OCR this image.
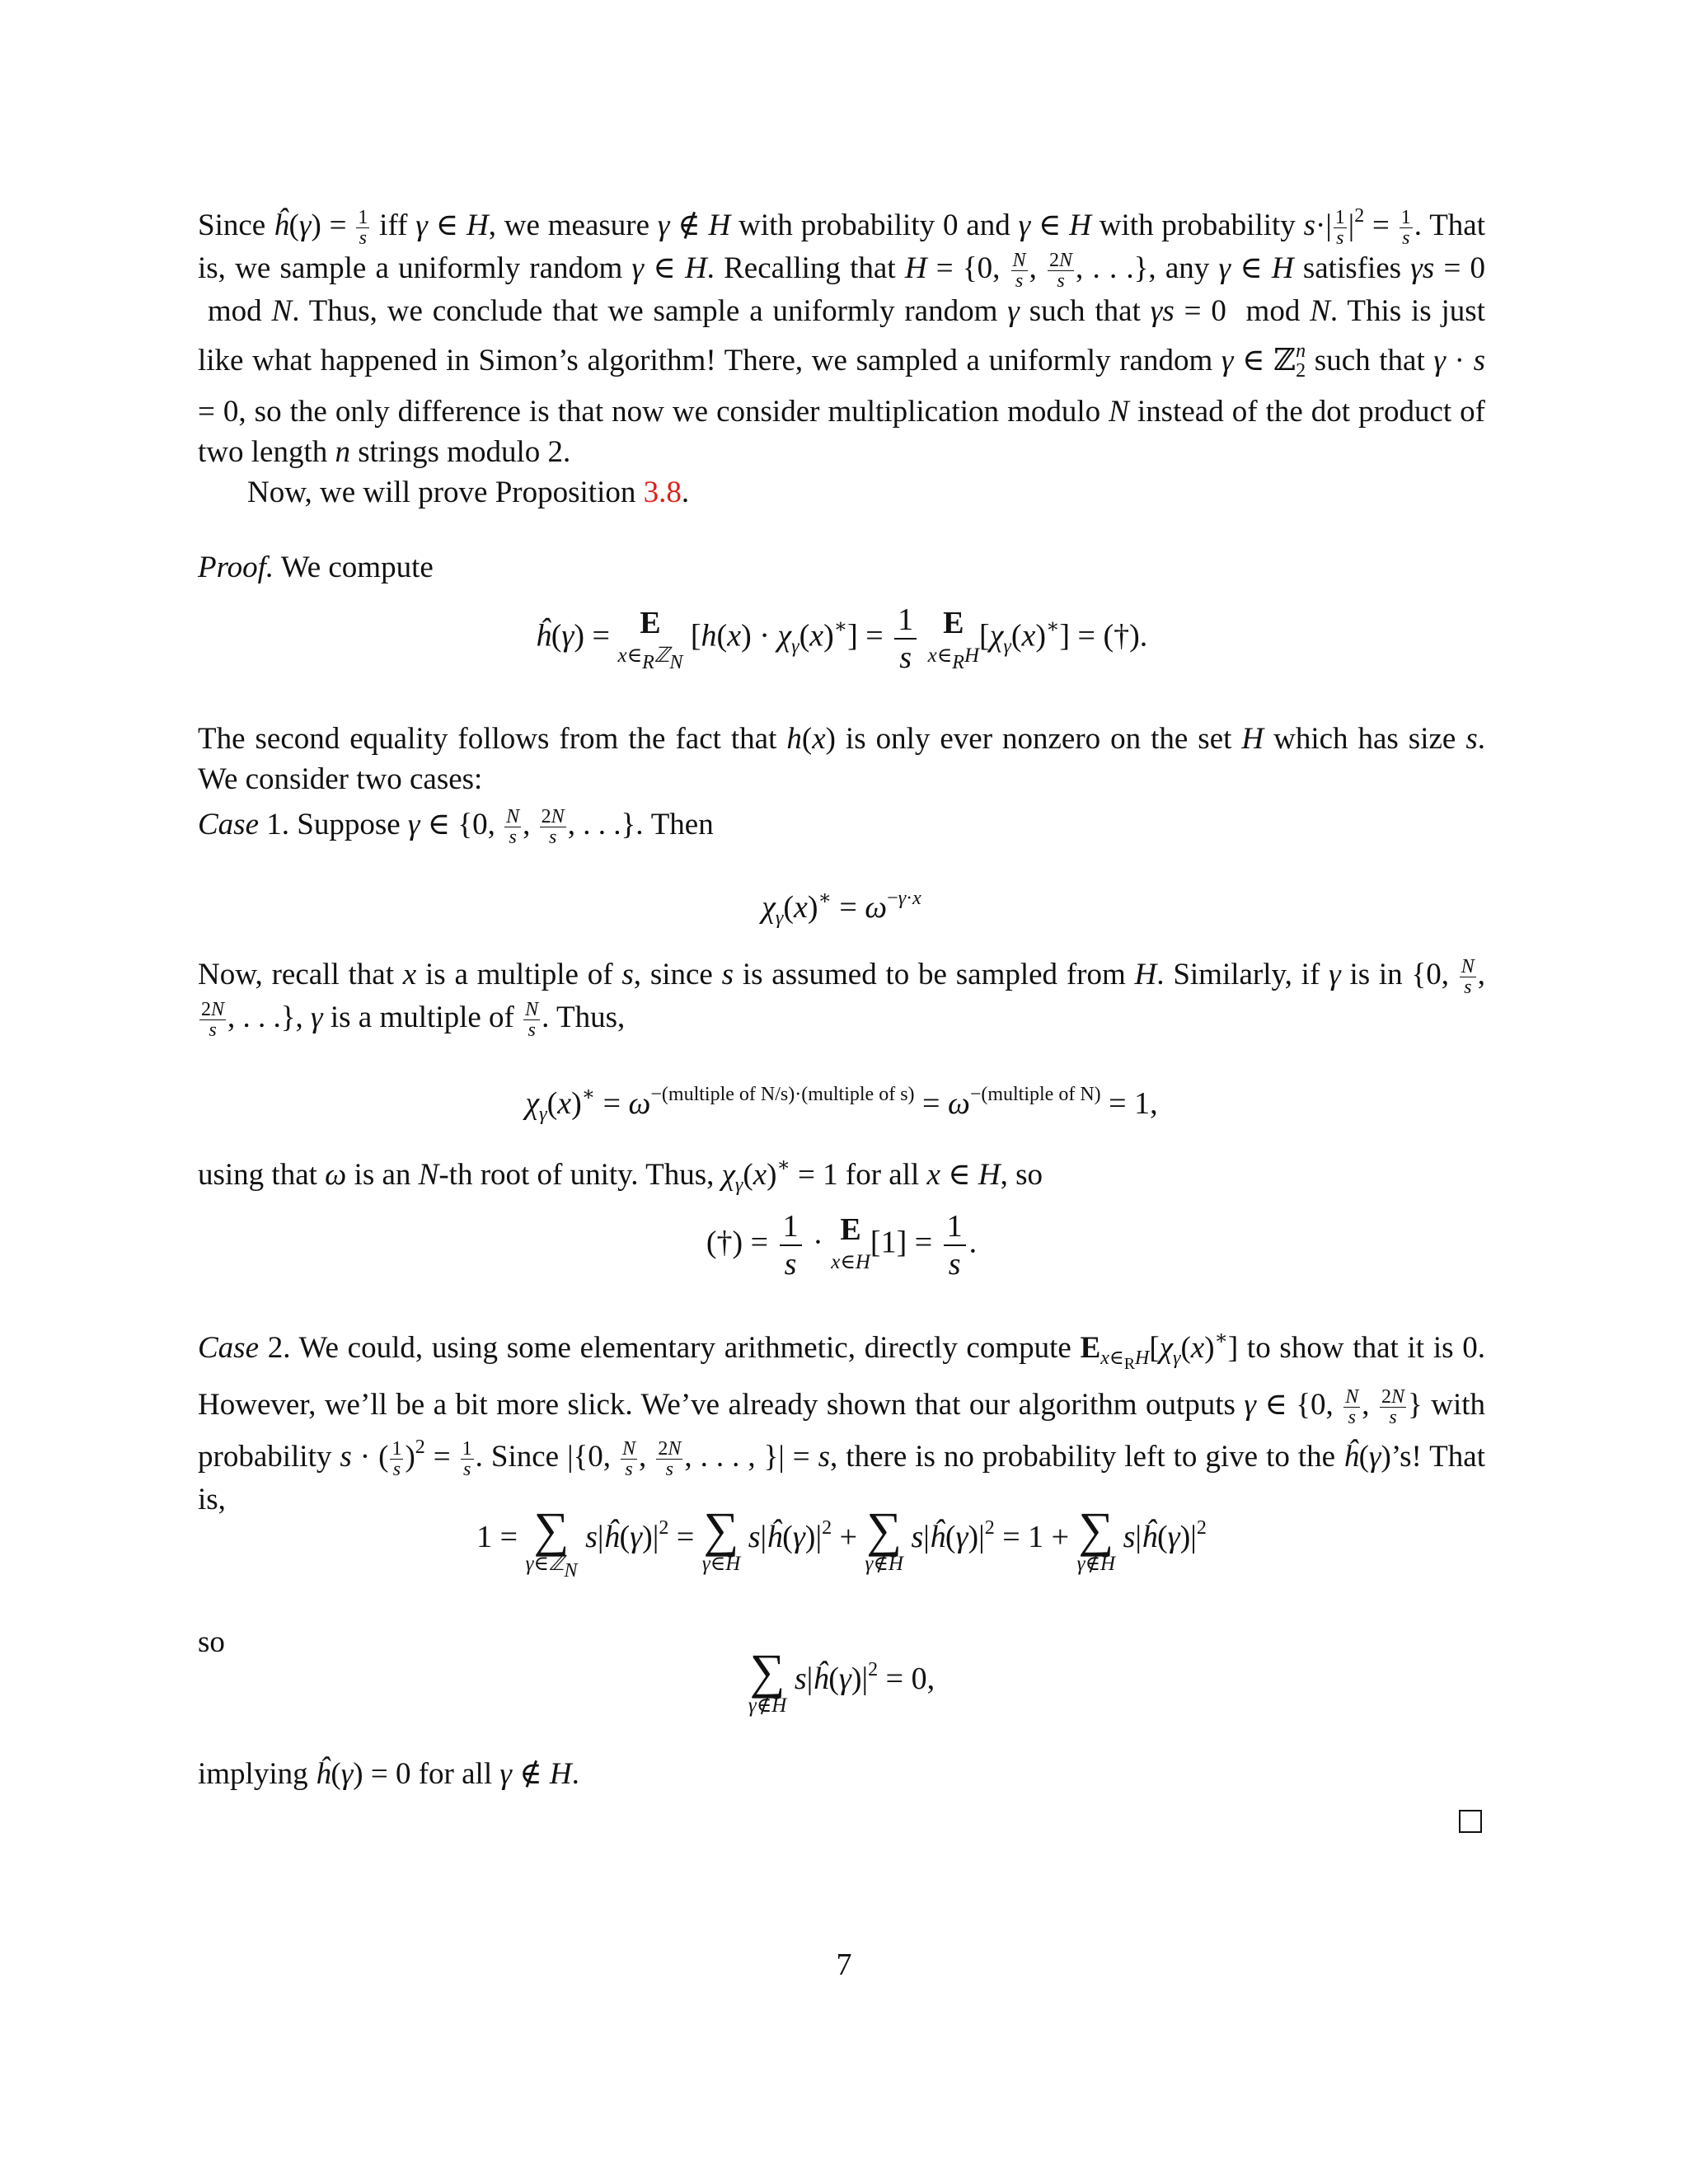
Since ĥ(γ) = $\frac{1}{s}$ iff γ ∈ H, we measure γ ∉ H with probability 0 and γ ∈ H with probability $s\cdot| \frac{1}{s} |^2 = \frac{1}{s}$ . That is, we sample a uniformly random γ ∈ H. Recalling that H = {0, $\frac{N}{s}$ , $\frac{2N}{s}$ , . . .}, any γ ∈ H satisfies γs = 0  mod N. Thus, we conclude that we sample a uniformly random γ such that γs = 0  mod N. This is just like what happened in Simon’s algorithm! There, we sampled a uniformly random γ ∈ ℤ$_2^n$ such that γ · s = 0, so the only difference is that now we consider multiplication modulo N instead of the dot product of two length n strings modulo 2.

Now, we will prove Proposition 3.8.

Proof. We compute

ĥ(γ) = E
x∈RℤN
$[h(x) \cdot \chi_\gamma(x)^∗] = \frac{1}{s}$
E
x∈RH
$[\chi_\gamma(x)^∗]$ = (†).

The second equality follows from the fact that h(x) is only ever nonzero on the set H which has size s. We consider two cases:

Case 1. Suppose γ ∈ {0, $\frac{N}{s}$ , $\frac{2N}{s}$ , . . .}. Then

$\chi_\gamma(x)^∗ = \omega^{-\gamma\cdot x}$

Now, recall that x is a multiple of s, since s is assumed to be sampled from H. Similarly, if γ is in {0, $\frac{N}{s}$ ,
$\frac{2N}{s}$ , . . .}, γ is a multiple of $\frac{N}{s}$ . Thus,

$\chi_\gamma(x)^∗ = \omega^{-(multiple of N/s)\cdot(multiple of s)} = \omega^{-(multiple of N)} = 1$,

using that ω is an N-th root of unity. Thus, $\chi_\gamma(x)^∗ = 1$ for all x ∈ H, so

(†) = $\frac{1}{s} \cdot E$
x∈H
$[1] = \frac{1}{s}$ .

Case 2. We could, using some elementary arithmetic, directly compute $E_{x\in_RH}[\chi_\gamma(x)^∗]$ to show that it is 0. However, we’ll be a bit more slick. We’ve already shown that our algorithm outputs γ ∈ {0, $\frac{N}{s}$ , $\frac{2N}{s}$ } with probability s · ( $\frac{1}{s} )^2 = \frac{1}{s}$ . Since |{0, $\frac{N}{s}$ , $\frac{2N}{s}$ , . . . , }| = s, there is no probability left to give to the ĥ(γ)’s! That is,

1 = ∑
γ∈ℤN
$s|ĥ(\gamma)|^2$ = ∑
γ∈H
$s|ĥ(\gamma)|^2$ + ∑
γ∉H
$s|ĥ(\gamma)|^2 = 1$ + ∑
γ∉H
$s|ĥ(\gamma)|^2$

so

∑
γ∉H
$s|ĥ(\gamma)|^2 = 0$,

implying ĥ(γ) = 0 for all γ ∉ H.

7
